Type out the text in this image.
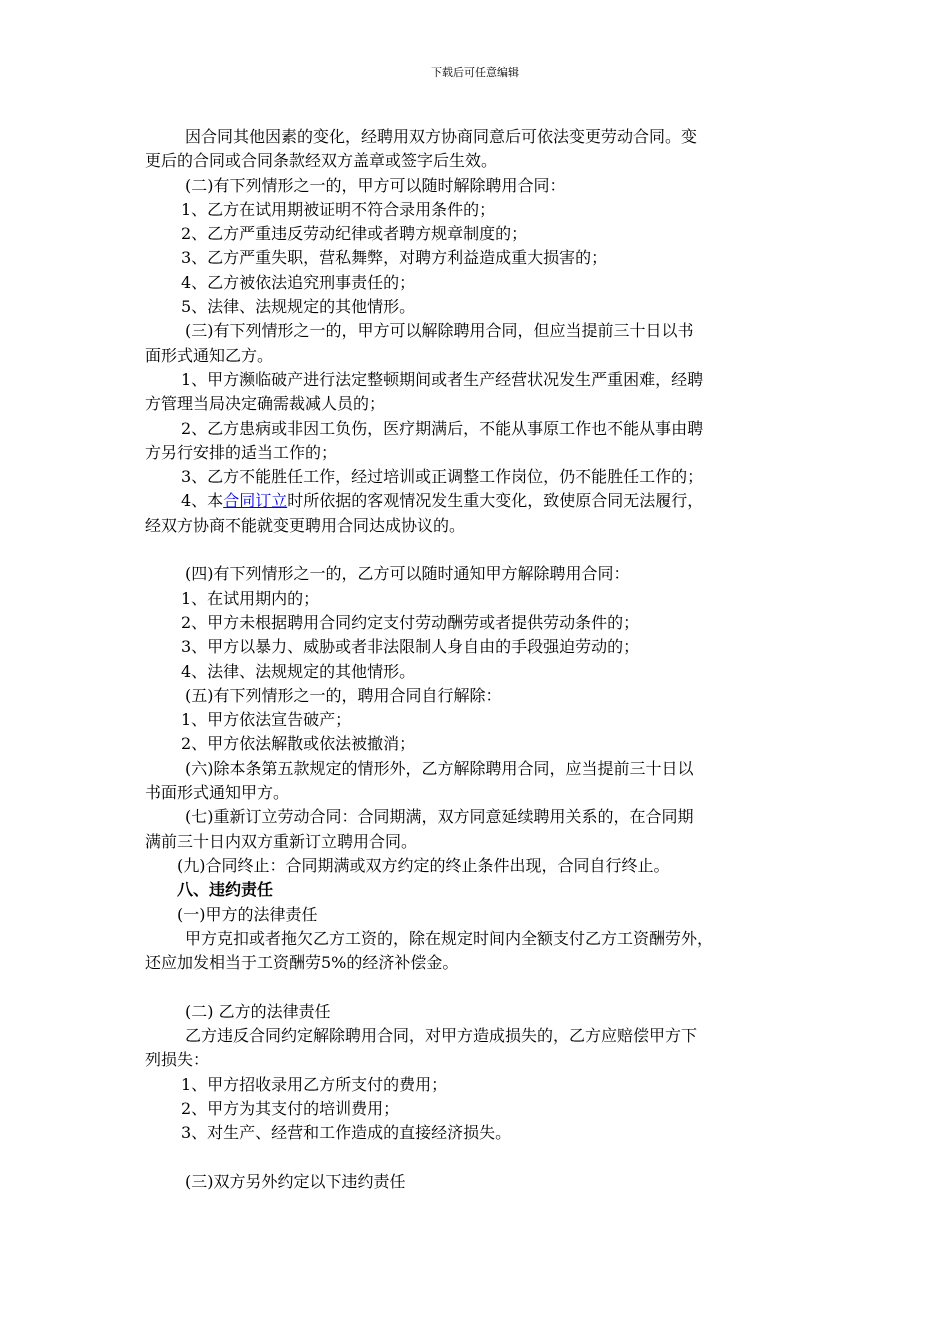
下载后可任意编辑

因合同其他因素的变化，经聘用双方协商同意后可依法变更劳动合同。变

更后的合同或合同条款经双方盖章或签字后生效。

(二)有下列情形之一的，甲方可以随时解除聘用合同：

1、乙方在试用期被证明不符合录用条件的；

2、乙方严重违反劳动纪律或者聘方规章制度的；

3、乙方严重失职，营私舞弊，对聘方利益造成重大损害的；

4、乙方被依法追究刑事责任的；

5、法律、法规规定的其他情形。

(三)有下列情形之一的，甲方可以解除聘用合同，但应当提前三十日以书

面形式通知乙方。

1、甲方濒临破产进行法定整顿期间或者生产经营状况发生严重困难，经聘

方管理当局决定确需裁减人员的；

2、乙方患病或非因工负伤，医疗期满后，不能从事原工作也不能从事由聘

方另行安排的适当工作的；

3、乙方不能胜任工作，经过培训或正调整工作岗位，仍不能胜任工作的；

4、本合同订立时所依据的客观情况发生重大变化，致使原合同无法履行，

经双方协商不能就变更聘用合同达成协议的。

(四)有下列情形之一的，乙方可以随时通知甲方解除聘用合同：

1、在试用期内的；

2、甲方未根据聘用合同约定支付劳动酬劳或者提供劳动条件的；

3、甲方以暴力、威胁或者非法限制人身自由的手段强迫劳动的；

4、法律、法规规定的其他情形。

(五)有下列情形之一的，聘用合同自行解除：

1、甲方依法宣告破产；

2、甲方依法解散或依法被撤消；

(六)除本条第五款规定的情形外，乙方解除聘用合同，应当提前三十日以

书面形式通知甲方。

(七)重新订立劳动合同：合同期满，双方同意延续聘用关系的，在合同期

满前三十日内双方重新订立聘用合同。

(九)合同终止：合同期满或双方约定的终止条件出现，合同自行终止。

八、违约责任

(一)甲方的法律责任

甲方克扣或者拖欠乙方工资的，除在规定时间内全额支付乙方工资酬劳外，

还应加发相当于工资酬劳5%的经济补偿金。

(二) 乙方的法律责任

乙方违反合同约定解除聘用合同，对甲方造成损失的，乙方应赔偿甲方下

列损失：

1、甲方招收录用乙方所支付的费用；

2、甲方为其支付的培训费用；

3、对生产、经营和工作造成的直接经济损失。

(三)双方另外约定以下违约责任
